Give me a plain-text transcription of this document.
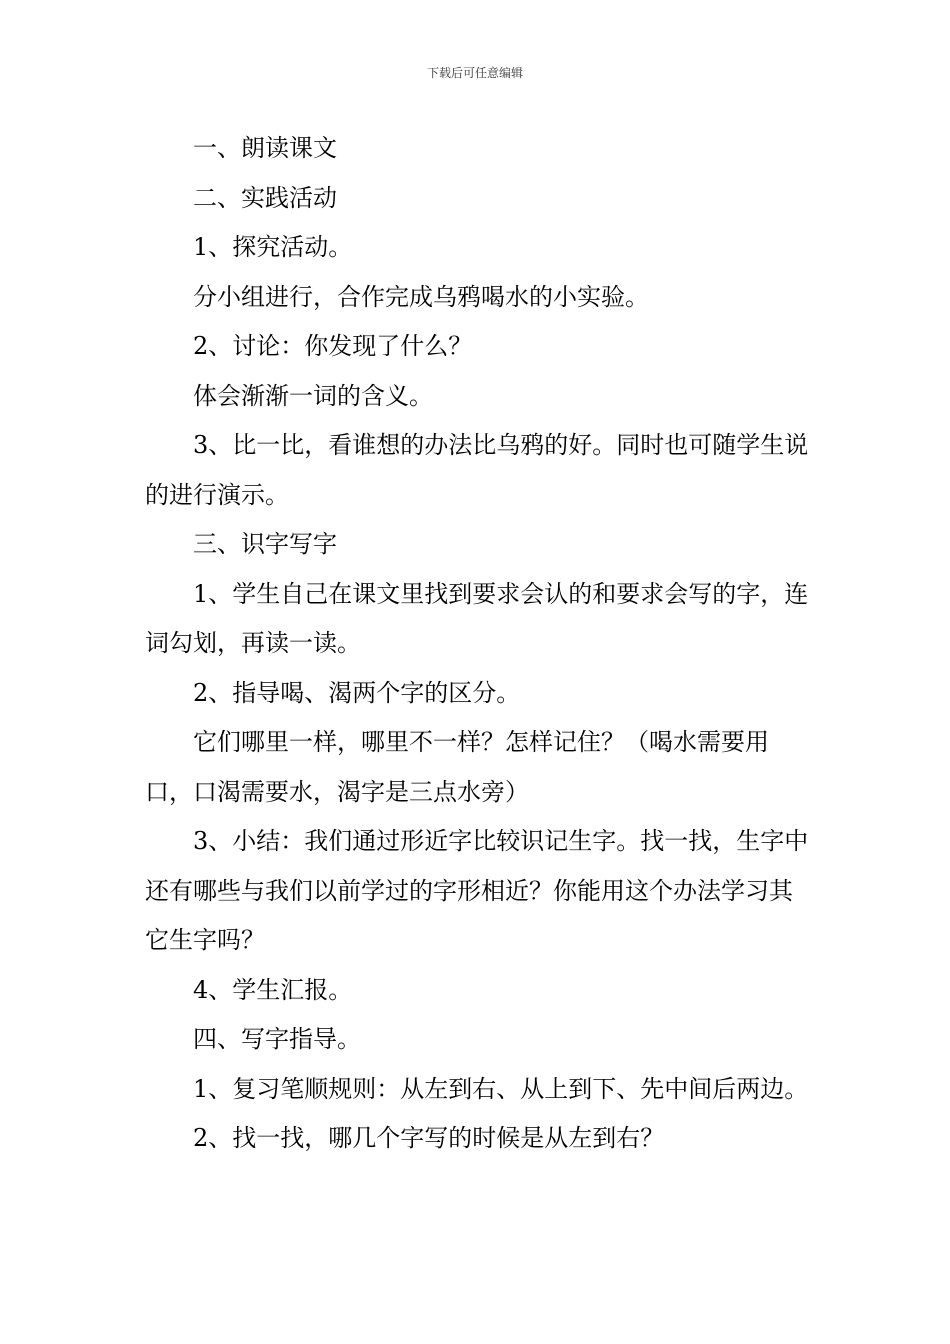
下载后可任意编辑

一、朗读课文

二、实践活动

1、探究活动。

分小组进行，合作完成乌鸦喝水的小实验。

2、讨论：你发现了什么？

体会渐渐一词的含义。

3、比一比，看谁想的办法比乌鸦的好。同时也可随学生说的进行演示。

三、识字写字

1、学生自己在课文里找到要求会认的和要求会写的字，连词勾划，再读一读。

2、指导喝、渴两个字的区分。

它们哪里一样，哪里不一样？怎样记住？（喝水需要用口，口渴需要水，渴字是三点水旁）

3、小结：我们通过形近字比较识记生字。找一找，生字中还有哪些与我们以前学过的字形相近？你能用这个办法学习其它生字吗？

4、学生汇报。

四、写字指导。

1、复习笔顺规则：从左到右、从上到下、先中间后两边。

2、找一找，哪几个字写的时候是从左到右？
